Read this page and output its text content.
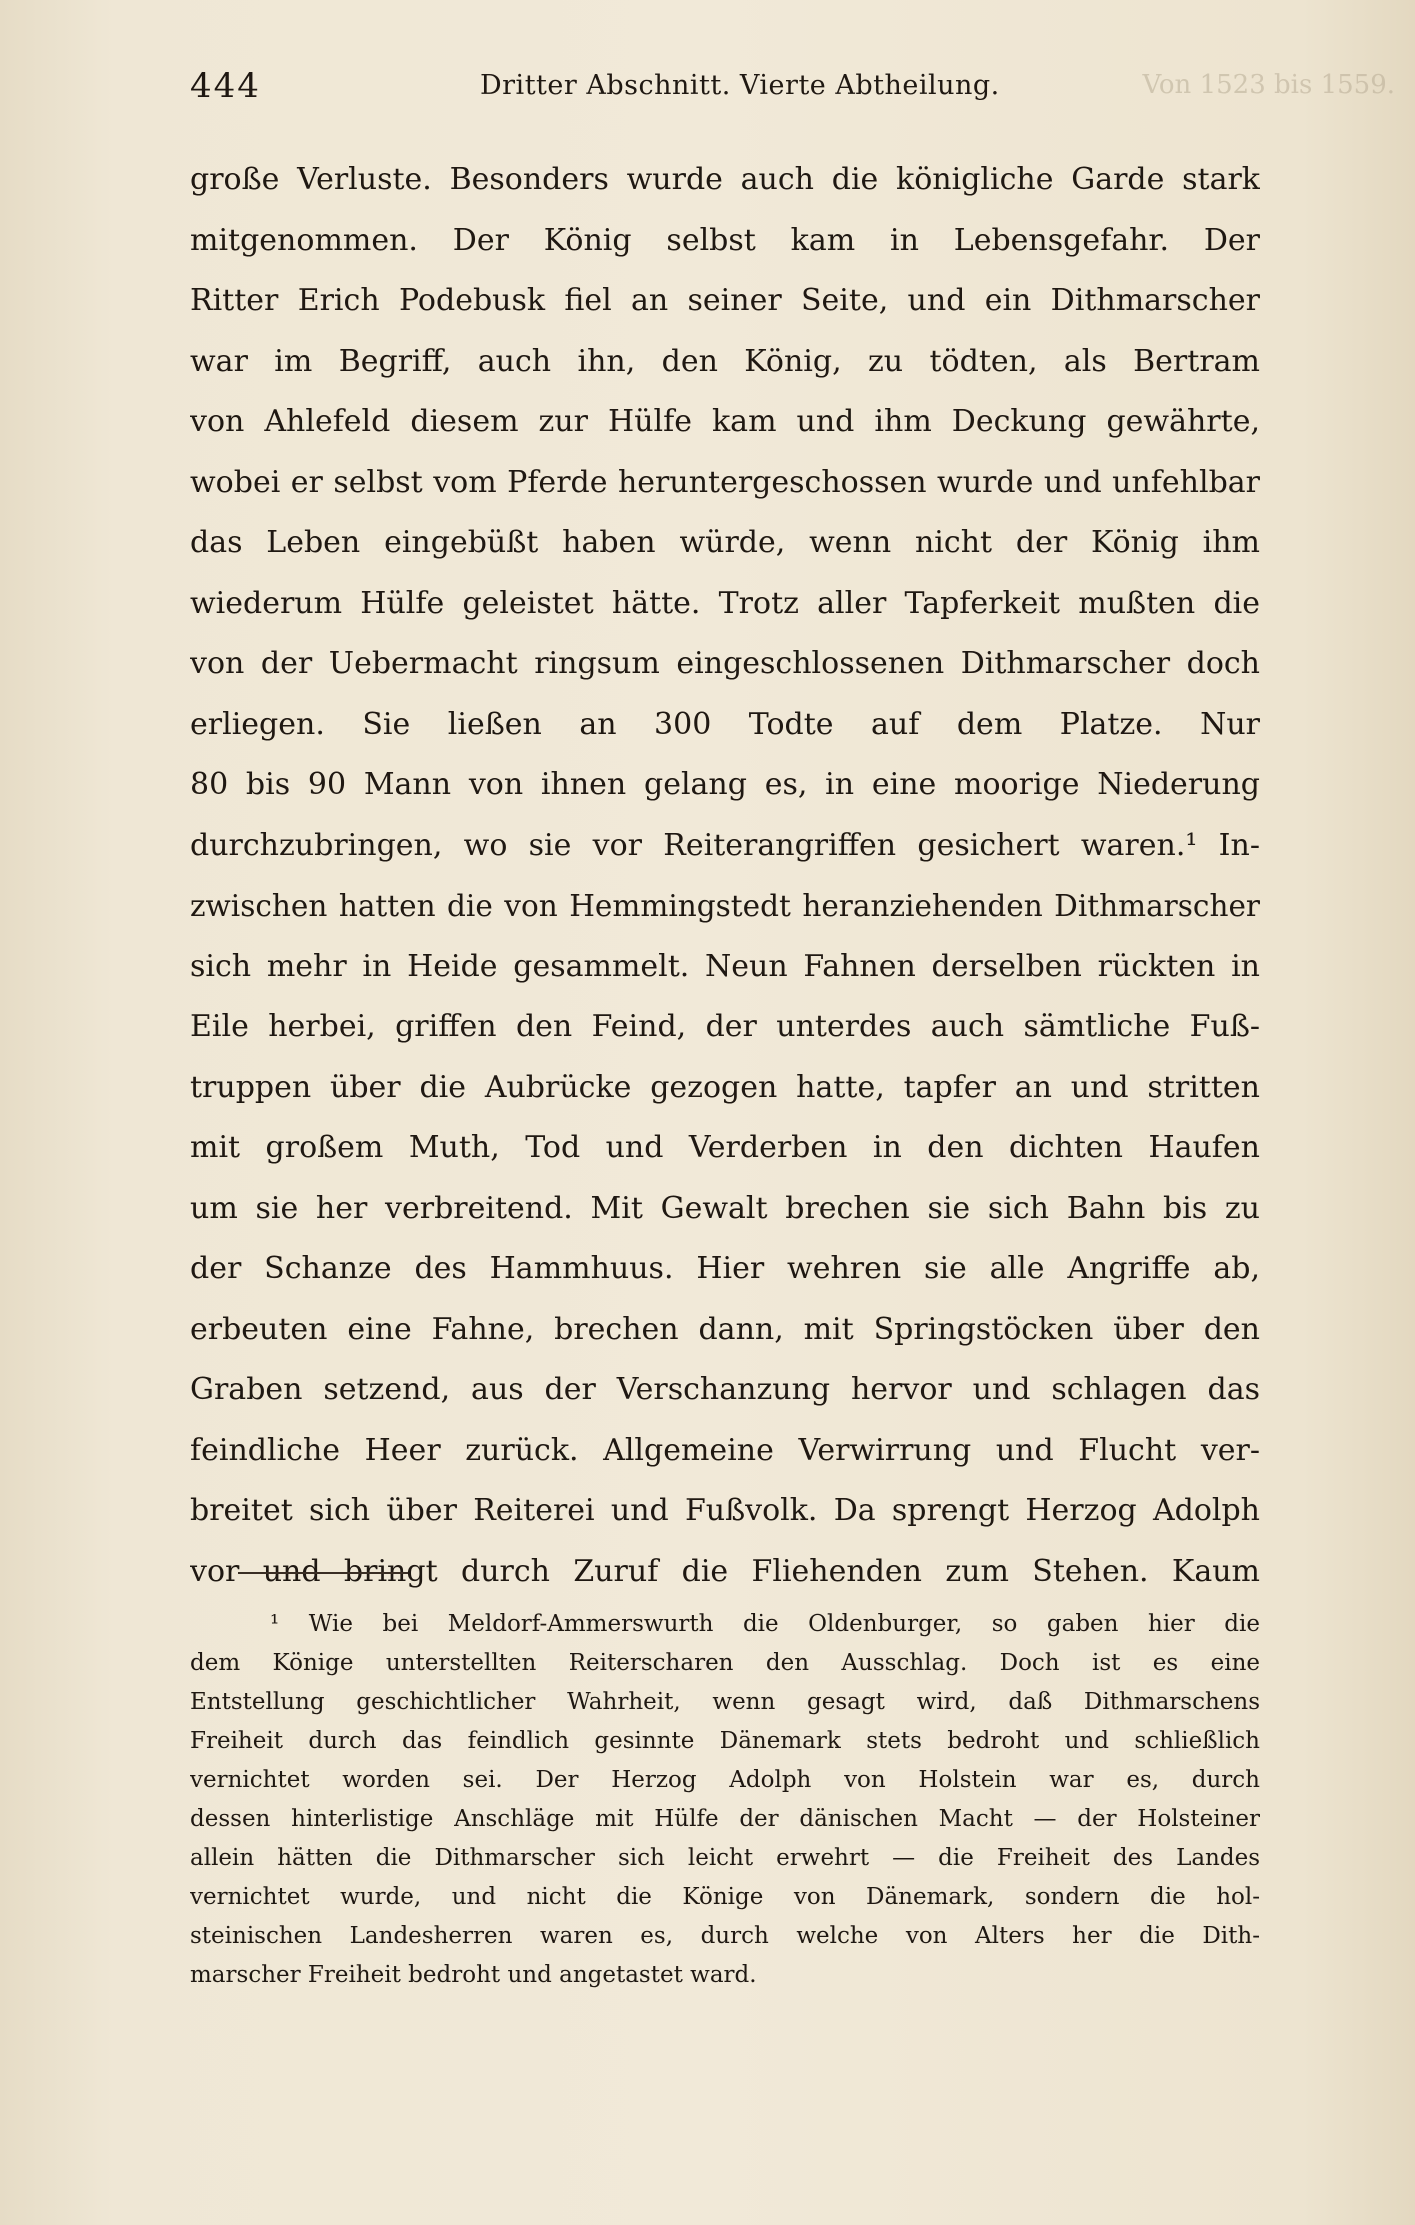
444	Dritter Abschnitt. Vierte Abtheilung.	Von 1523 bis 1559.
große Verluste. Besonders wurde auch die königliche Garde stark
mitgenommen. Der König selbst kam in Lebensgefahr. Der
Ritter Erich Podebusk fiel an seiner Seite, und ein Dithmarscher
war im Begriff, auch ihn, den König, zu tödten, als Bertram
von Ahlefeld diesem zur Hülfe kam und ihm Deckung gewährte,
wobei er selbst vom Pferde heruntergeschossen wurde und unfehlbar
das Leben eingebüßt haben würde, wenn nicht der König ihm
wiederum Hülfe geleistet hätte. Trotz aller Tapferkeit mußten die
von der Uebermacht ringsum eingeschlossenen Dithmarscher doch
erliegen. Sie ließen an 300 Todte auf dem Platze. Nur
80 bis 90 Mann von ihnen gelang es, in eine moorige Niederung
durchzubringen, wo sie vor Reiterangriffen gesichert waren.¹ In-
zwischen hatten die von Hemmingstedt heranziehenden Dithmarscher
sich mehr in Heide gesammelt. Neun Fahnen derselben rückten in
Eile herbei, griffen den Feind, der unterdes auch sämtliche Fuß-
truppen über die Aubrücke gezogen hatte, tapfer an und stritten
mit großem Muth, Tod und Verderben in den dichten Haufen
um sie her verbreitend. Mit Gewalt brechen sie sich Bahn bis zu
der Schanze des Hammhuus. Hier wehren sie alle Angriffe ab,
erbeuten eine Fahne, brechen dann, mit Springstöcken über den
Graben setzend, aus der Verschanzung hervor und schlagen das
feindliche Heer zurück. Allgemeine Verwirrung und Flucht ver-
breitet sich über Reiterei und Fußvolk. Da sprengt Herzog Adolph
vor und bringt durch Zuruf die Fliehenden zum Stehen. Kaum
¹ Wie bei Meldorf-Ammerswurth die Oldenburger, so gaben hier die
dem Könige unterstellten Reiterscharen den Ausschlag. Doch ist es eine
Entstellung geschichtlicher Wahrheit, wenn gesagt wird, daß Dithmarschens
Freiheit durch das feindlich gesinnte Dänemark stets bedroht und schließlich
vernichtet worden sei. Der Herzog Adolph von Holstein war es, durch
dessen hinterlistige Anschläge mit Hülfe der dänischen Macht — der Holsteiner
allein hätten die Dithmarscher sich leicht erwehrt — die Freiheit des Landes
vernichtet wurde, und nicht die Könige von Dänemark, sondern die hol-
steinischen Landesherren waren es, durch welche von Alters her die Dith-
marscher Freiheit bedroht und angetastet ward.
